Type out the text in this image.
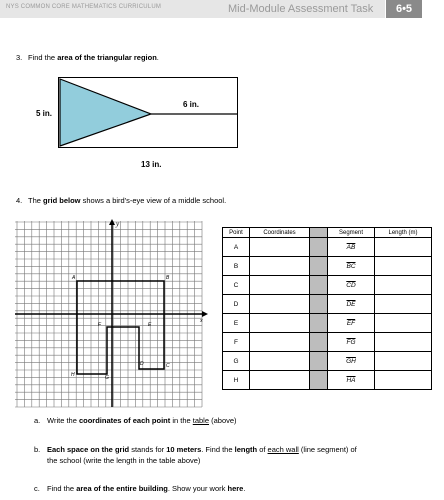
NYS COMMON CORE MATHEMATICS CURRICULUM	Mid-Module Assessment Task	6•5
3. Find the area of the triangular region.
5 in.
6 in.
13 in.
4. The grid below shows a bird's-eye view of a middle school.
x
y
A	B
C
D
E
F
G
H
Point	Coordinates		Segment	Length (m)
A			$\overline{AB}$	
B			$\overline{BC}$	
C			$\overline{CD}$	
D			$\overline{DE}$	
E			$\overline{EF}$	
F			$\overline{FG}$	
G			$\overline{GH}$	
H			$\overline{HA}$	
a. Write the coordinates of each point in the table (above)
b. Each space on the grid stands for 10 meters. Find the length of each wall (line segment) of
the school (write the length in the table above)
c. Find the area of the entire building. Show your work here.
